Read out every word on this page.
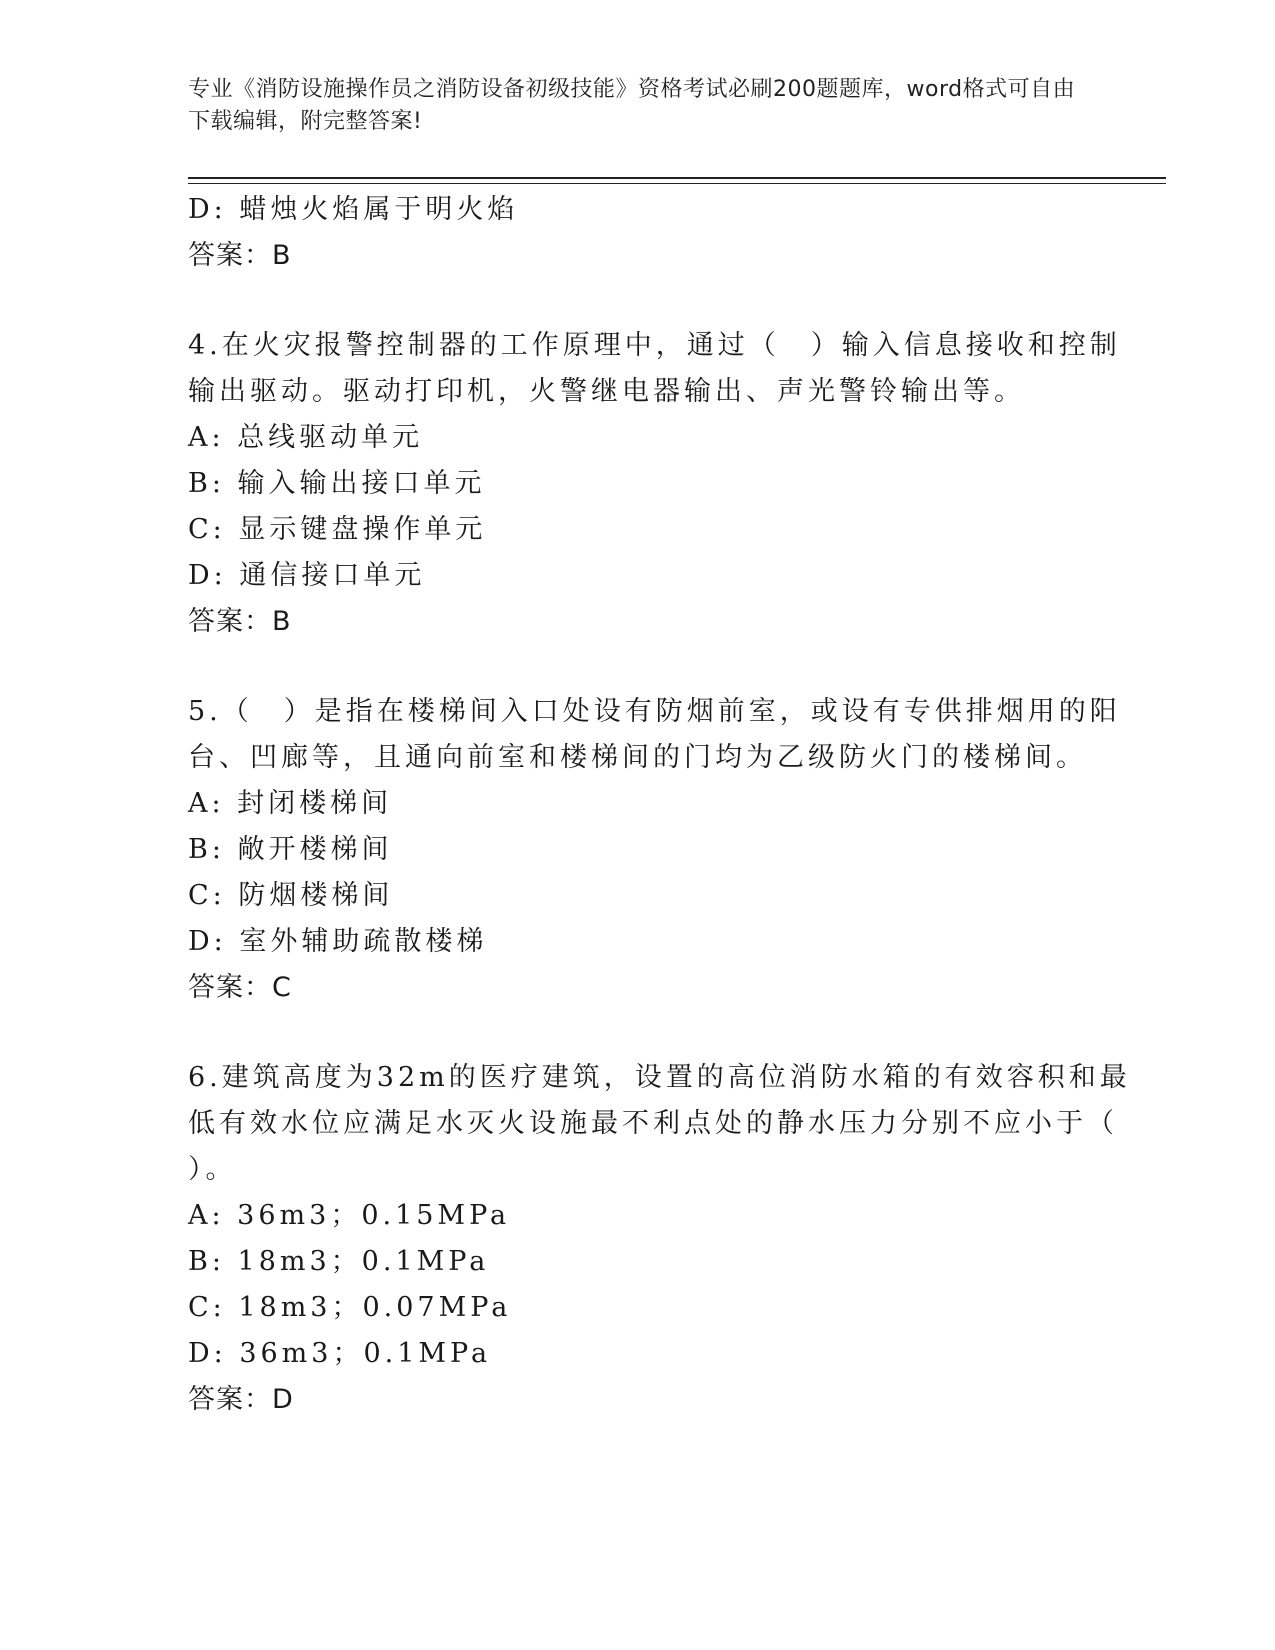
专业《消防设施操作员之消防设备初级技能》资格考试必刷200题题库，word格式可自由下载编辑，附完整答案!
D: 蜡烛火焰属于明火焰
答案：B
4.在火灾报警控制器的工作原理中，通过（　）输入信息接收和控制
输出驱动。驱动打印机，火警继电器输出、声光警铃输出等。
A: 总线驱动单元
B: 输入输出接口单元
C: 显示键盘操作单元
D: 通信接口单元
答案：B
5.（　）是指在楼梯间入口处设有防烟前室，或设有专供排烟用的阳
台、凹廊等，且通向前室和楼梯间的门均为乙级防火门的楼梯间。
A: 封闭楼梯间
B: 敞开楼梯间
C: 防烟楼梯间
D: 室外辅助疏散楼梯
答案：C
6.建筑高度为32m的医疗建筑，设置的高位消防水箱的有效容积和最
低有效水位应满足水灭火设施最不利点处的静水压力分别不应小于（
）。
A: 36m3；0.15MPa
B: 18m3；0.1MPa
C: 18m3；0.07MPa
D: 36m3；0.1MPa
答案：D
